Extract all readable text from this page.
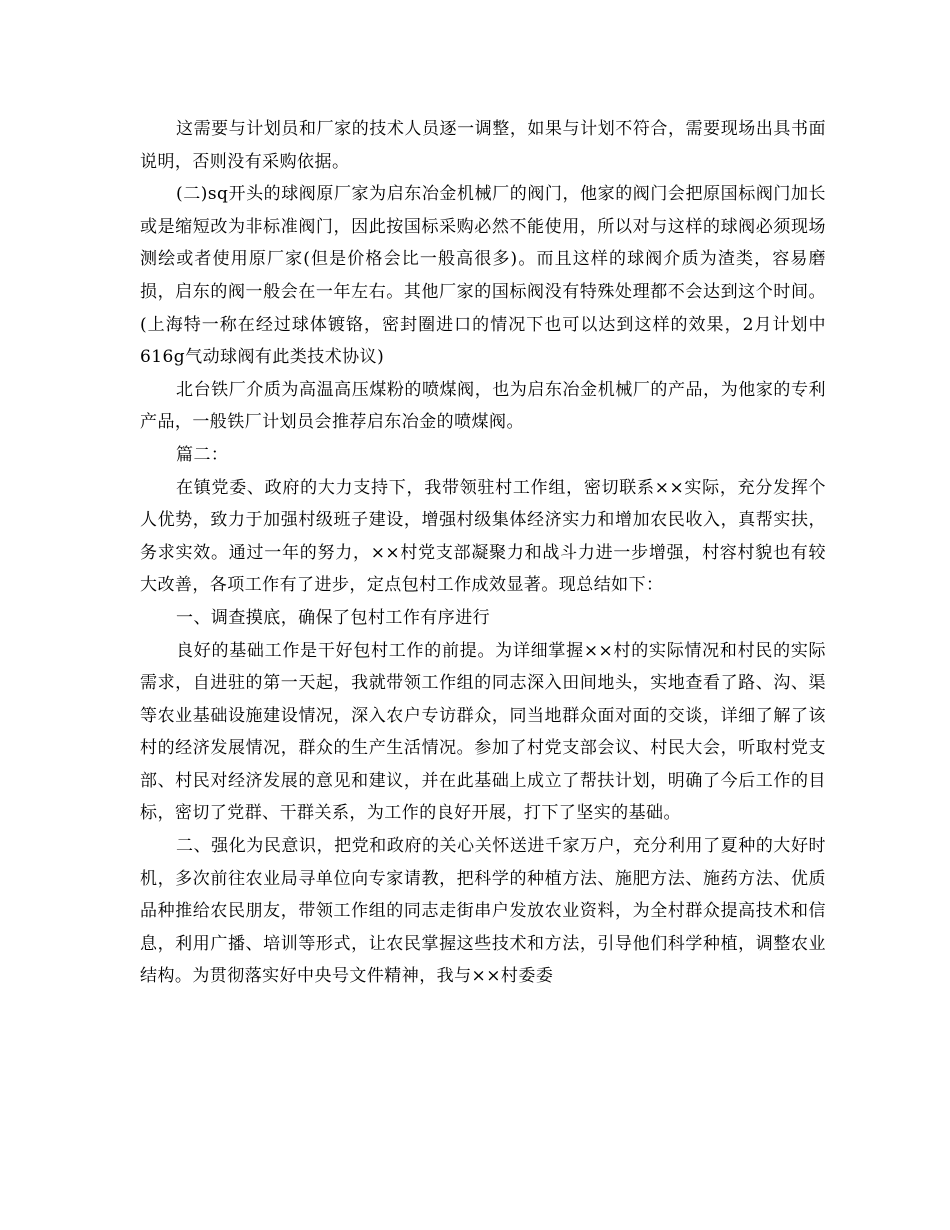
这需要与计划员和厂家的技术人员逐一调整，如果与计划不符合，需要现场出具书面说明，否则没有采购依据。

(二)sq开头的球阀原厂家为启东冶金机械厂的阀门，他家的阀门会把原国标阀门加长或是缩短改为非标准阀门，因此按国标采购必然不能使用，所以对与这样的球阀必须现场测绘或者使用原厂家(但是价格会比一般高很多)。而且这样的球阀介质为渣类，容易磨损，启东的阀一般会在一年左右。其他厂家的国标阀没有特殊处理都不会达到这个时间。(上海特一称在经过球体镀铬，密封圈进口的情况下也可以达到这样的效果，2月计划中616g气动球阀有此类技术协议)

北台铁厂介质为高温高压煤粉的喷煤阀，也为启东冶金机械厂的产品，为他家的专利产品，一般铁厂计划员会推荐启东冶金的喷煤阀。

篇二：

在镇党委、政府的大力支持下，我带领驻村工作组，密切联系××实际，充分发挥个人优势，致力于加强村级班子建设，增强村级集体经济实力和增加农民收入，真帮实扶，务求实效。通过一年的努力，××村党支部凝聚力和战斗力进一步增强，村容村貌也有较大改善，各项工作有了进步，定点包村工作成效显著。现总结如下：

一、调查摸底，确保了包村工作有序进行

良好的基础工作是干好包村工作的前提。为详细掌握××村的实际情况和村民的实际需求，自进驻的第一天起，我就带领工作组的同志深入田间地头，实地查看了路、沟、渠等农业基础设施建设情况，深入农户专访群众，同当地群众面对面的交谈，详细了解了该村的经济发展情况，群众的生产生活情况。参加了村党支部会议、村民大会，听取村党支部、村民对经济发展的意见和建议，并在此基础上成立了帮扶计划，明确了今后工作的目标，密切了党群、干群关系，为工作的良好开展，打下了坚实的基础。

二、强化为民意识，把党和政府的关心关怀送进千家万户，充分利用了夏种的大好时机，多次前往农业局寻单位向专家请教，把科学的种植方法、施肥方法、施药方法、优质品种推给农民朋友，带领工作组的同志走街串户发放农业资料，为全村群众提高技术和信息，利用广播、培训等形式，让农民掌握这些技术和方法，引导他们科学种植，调整农业结构。为贯彻落实好中央号文件精神，我与××村委委
